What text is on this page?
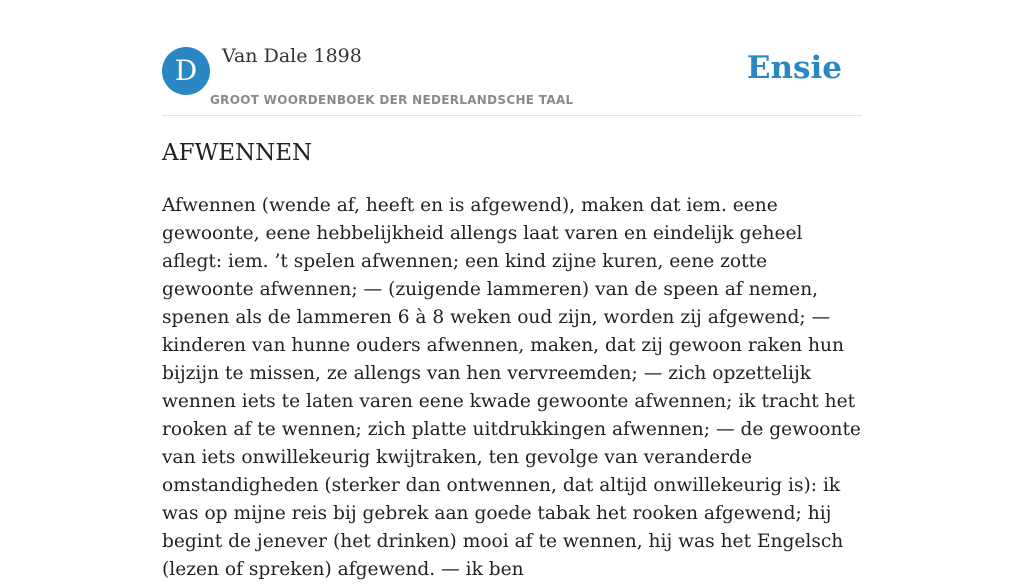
D	Van Dale 1898
GROOT WOORDENBOEK DER NEDERLANDSCHE TAAL
Ensie
AFWENNEN

Afwennen (wende af, heeft en is afgewend), maken dat iem. eene gewoonte, eene hebbelijkheid allengs laat varen en eindelijk geheel aflegt: iem. ’t spelen afwennen; een kind zijne kuren, eene zotte gewoonte afwennen; — (zuigende lammeren) van de speen af nemen, spenen als de lammeren 6 à 8 weken oud zijn, worden zij afgewend; — kinderen van hunne ouders afwennen, maken, dat zij gewoon raken hun bijzijn te missen, ze allengs van hen vervreemden; — zich opzettelijk wennen iets te laten varen eene kwade gewoonte afwennen; ik tracht het rooken af te wennen; zich platte uitdrukkingen afwennen; — de gewoonte van iets onwillekeurig kwijtraken, ten gevolge van veranderde omstandigheden (sterker dan ontwennen, dat altijd onwillekeurig is): ik was op mijne reis bij gebrek aan goede tabak het rooken afgewend; hij begint de jenever (het drinken) mooi af te wennen, hij was het Engelsch (lezen of spreken) afgewend. — ik ben
